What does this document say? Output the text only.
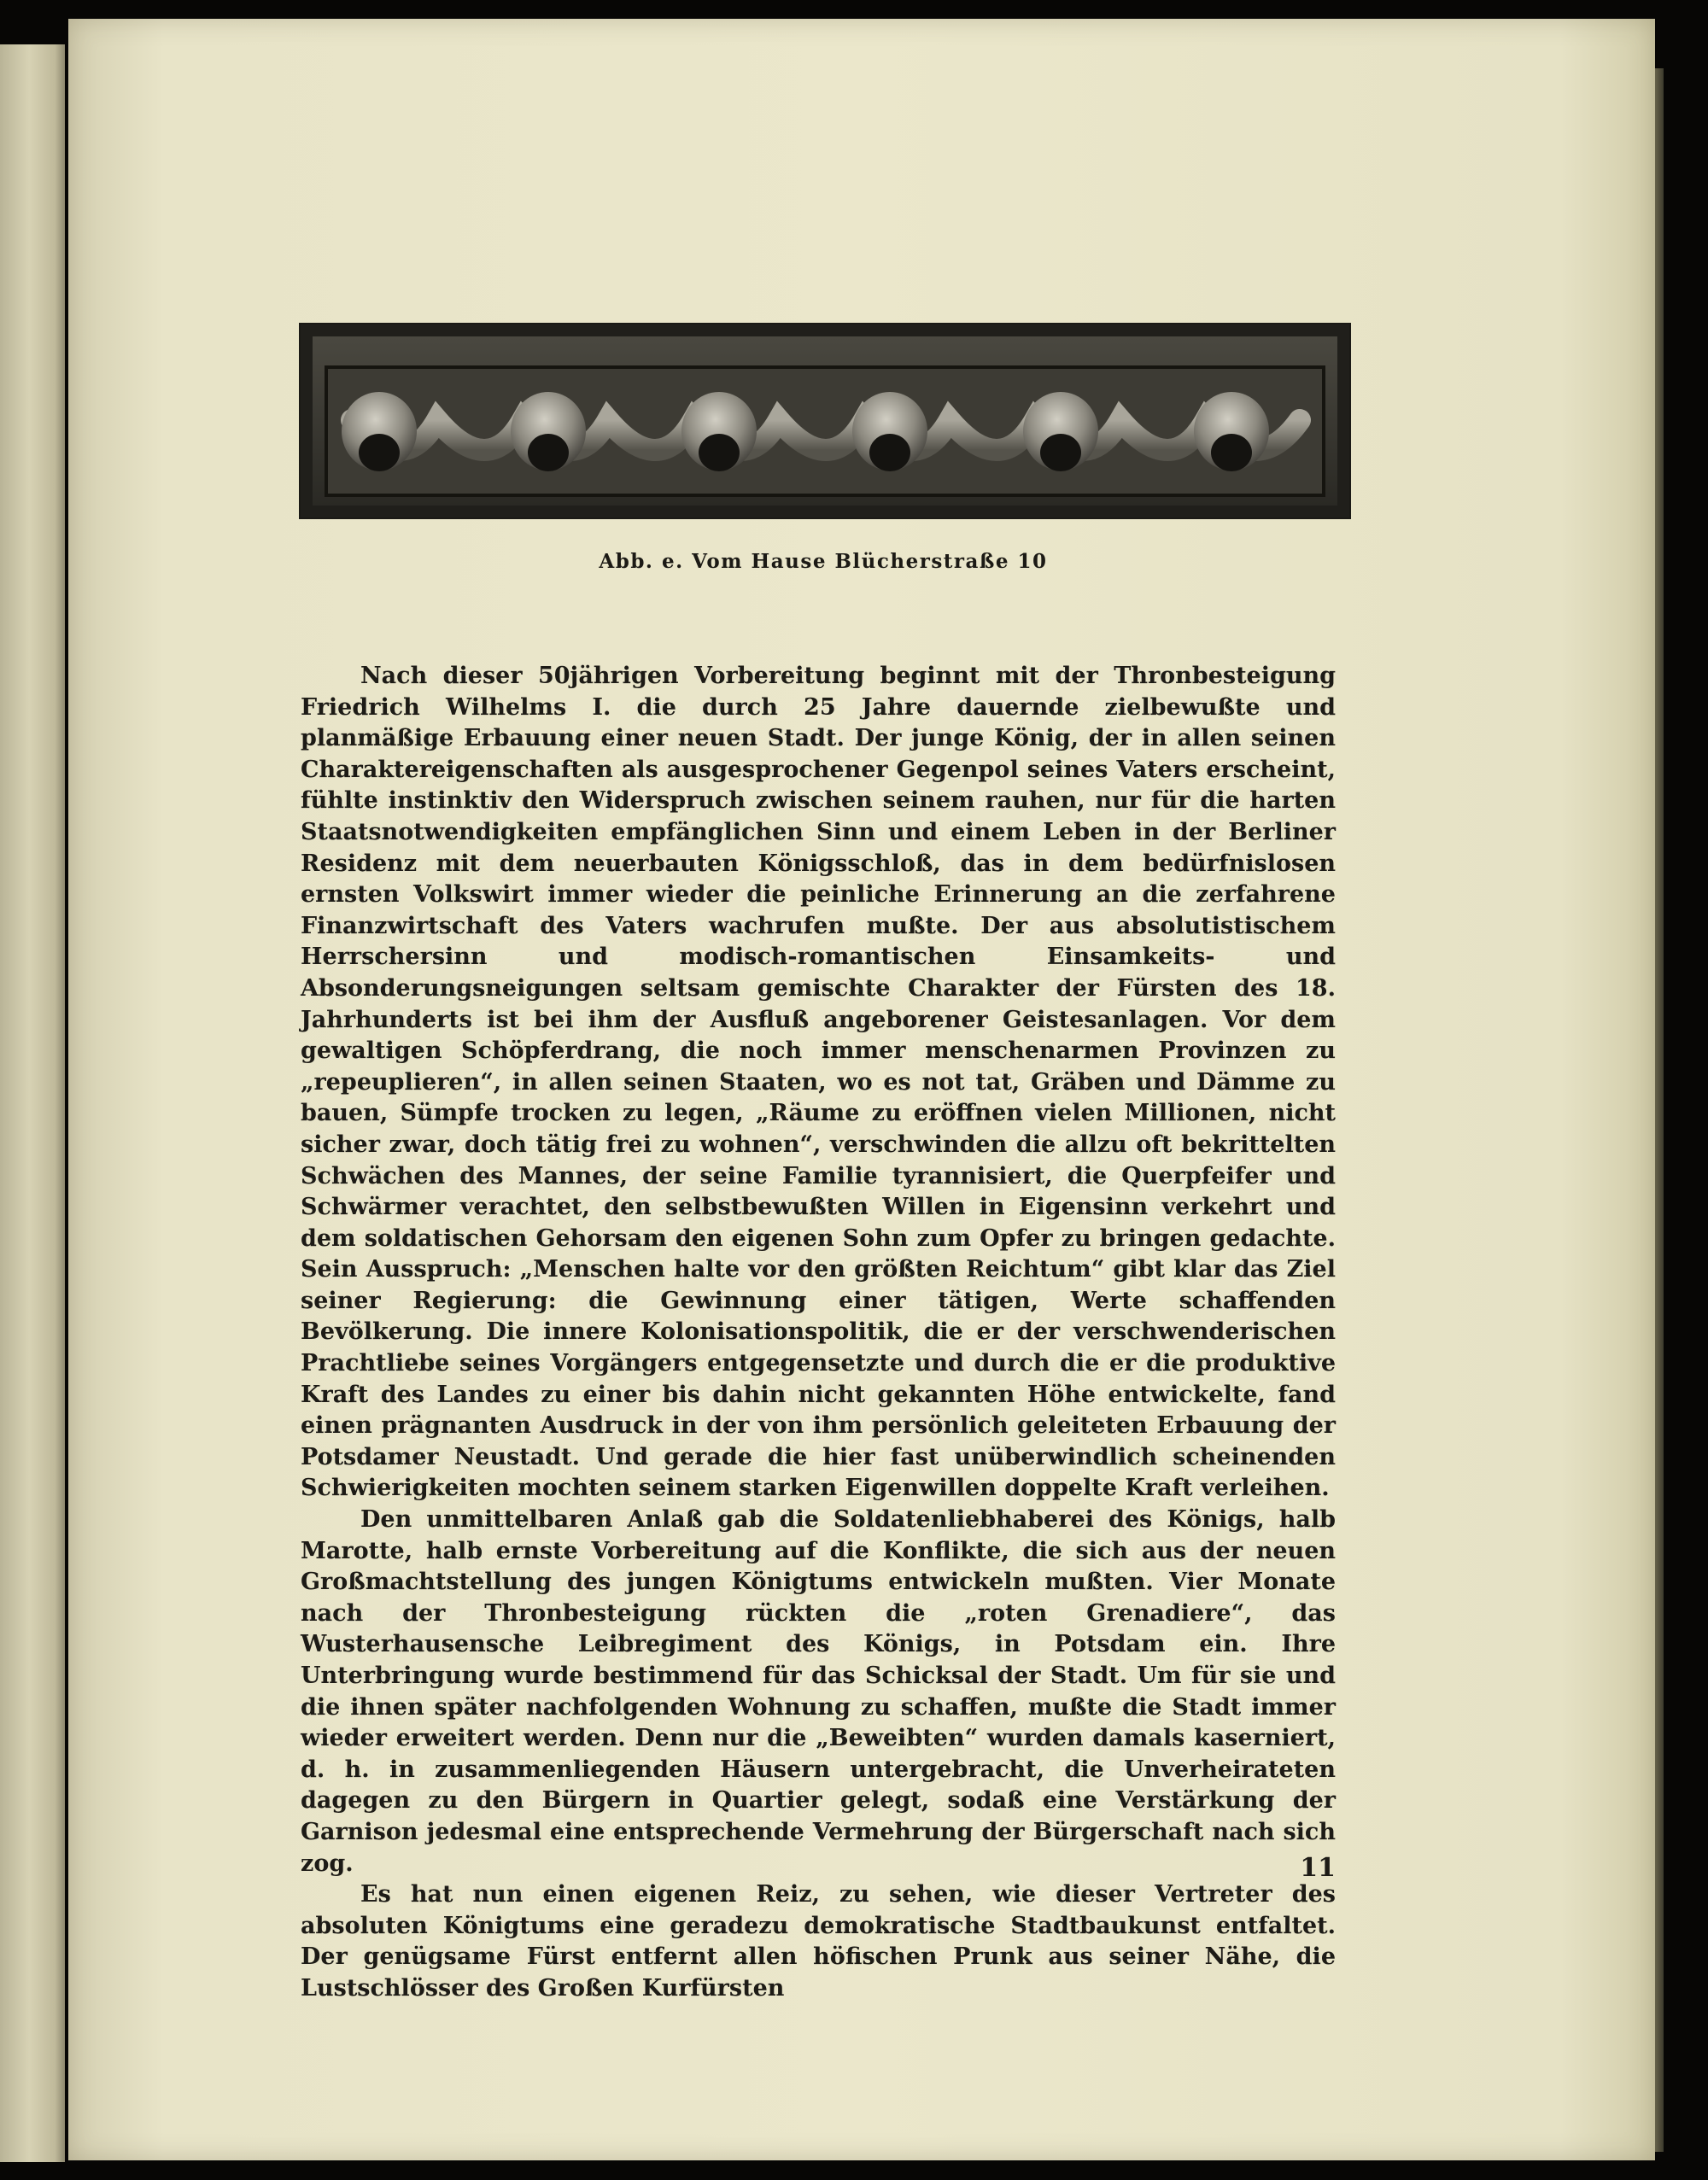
Abb. e. Vom Hause Blücherstraße 10

Nach dieser 50jährigen Vorbereitung beginnt mit der Thronbesteigung Friedrich Wilhelms I. die durch 25 Jahre dauernde zielbewußte und planmäßige Erbauung einer neuen Stadt. Der junge König, der in allen seinen Charaktereigenschaften als ausgesprochener Gegenpol seines Vaters erscheint, fühlte instinktiv den Widerspruch zwischen seinem rauhen, nur für die harten Staatsnotwendigkeiten empfänglichen Sinn und einem Leben in der Berliner Residenz mit dem neuerbauten Königsschloß, das in dem bedürfnislosen ernsten Volkswirt immer wieder die peinliche Erinnerung an die zerfahrene Finanzwirtschaft des Vaters wachrufen mußte. Der aus absolutistischem Herrschersinn und modisch-romantischen Einsamkeits- und Absonderungsneigungen seltsam gemischte Charakter der Fürsten des 18. Jahrhunderts ist bei ihm der Ausfluß angeborener Geistesanlagen. Vor dem gewaltigen Schöpferdrang, die noch immer menschenarmen Provinzen zu „repeuplieren“, in allen seinen Staaten, wo es not tat, Gräben und Dämme zu bauen, Sümpfe trocken zu legen, „Räume zu eröffnen vielen Millionen, nicht sicher zwar, doch tätig frei zu wohnen“, verschwinden die allzu oft bekrittelten Schwächen des Mannes, der seine Familie tyrannisiert, die Querpfeifer und Schwärmer verachtet, den selbstbewußten Willen in Eigensinn verkehrt und dem soldatischen Gehorsam den eigenen Sohn zum Opfer zu bringen gedachte. Sein Ausspruch: „Menschen halte vor den größten Reichtum“ gibt klar das Ziel seiner Regierung: die Gewinnung einer tätigen, Werte schaffenden Bevölkerung. Die innere Kolonisationspolitik, die er der verschwenderischen Prachtliebe seines Vorgängers entgegensetzte und durch die er die produktive Kraft des Landes zu einer bis dahin nicht gekannten Höhe entwickelte, fand einen prägnanten Ausdruck in der von ihm persönlich geleiteten Erbauung der Potsdamer Neustadt. Und gerade die hier fast unüberwindlich scheinenden Schwierigkeiten mochten seinem starken Eigenwillen doppelte Kraft verleihen.

Den unmittelbaren Anlaß gab die Soldatenliebhaberei des Königs, halb Marotte, halb ernste Vorbereitung auf die Konflikte, die sich aus der neuen Großmachtstellung des jungen Königtums entwickeln mußten. Vier Monate nach der Thronbesteigung rückten die „roten Grenadiere“, das Wusterhausensche Leibregiment des Königs, in Potsdam ein. Ihre Unterbringung wurde bestimmend für das Schicksal der Stadt. Um für sie und die ihnen später nachfolgenden Wohnung zu schaffen, mußte die Stadt immer wieder erweitert werden. Denn nur die „Beweibten“ wurden damals kaserniert, d. h. in zusammenliegenden Häusern untergebracht, die Unverheirateten dagegen zu den Bürgern in Quartier gelegt, sodaß eine Verstärkung der Garnison jedesmal eine entsprechende Vermehrung der Bürgerschaft nach sich zog.

Es hat nun einen eigenen Reiz, zu sehen, wie dieser Vertreter des absoluten Königtums eine geradezu demokratische Stadtbaukunst entfaltet. Der genügsame Fürst entfernt allen höfischen Prunk aus seiner Nähe, die Lustschlösser des Großen Kurfürsten

11
